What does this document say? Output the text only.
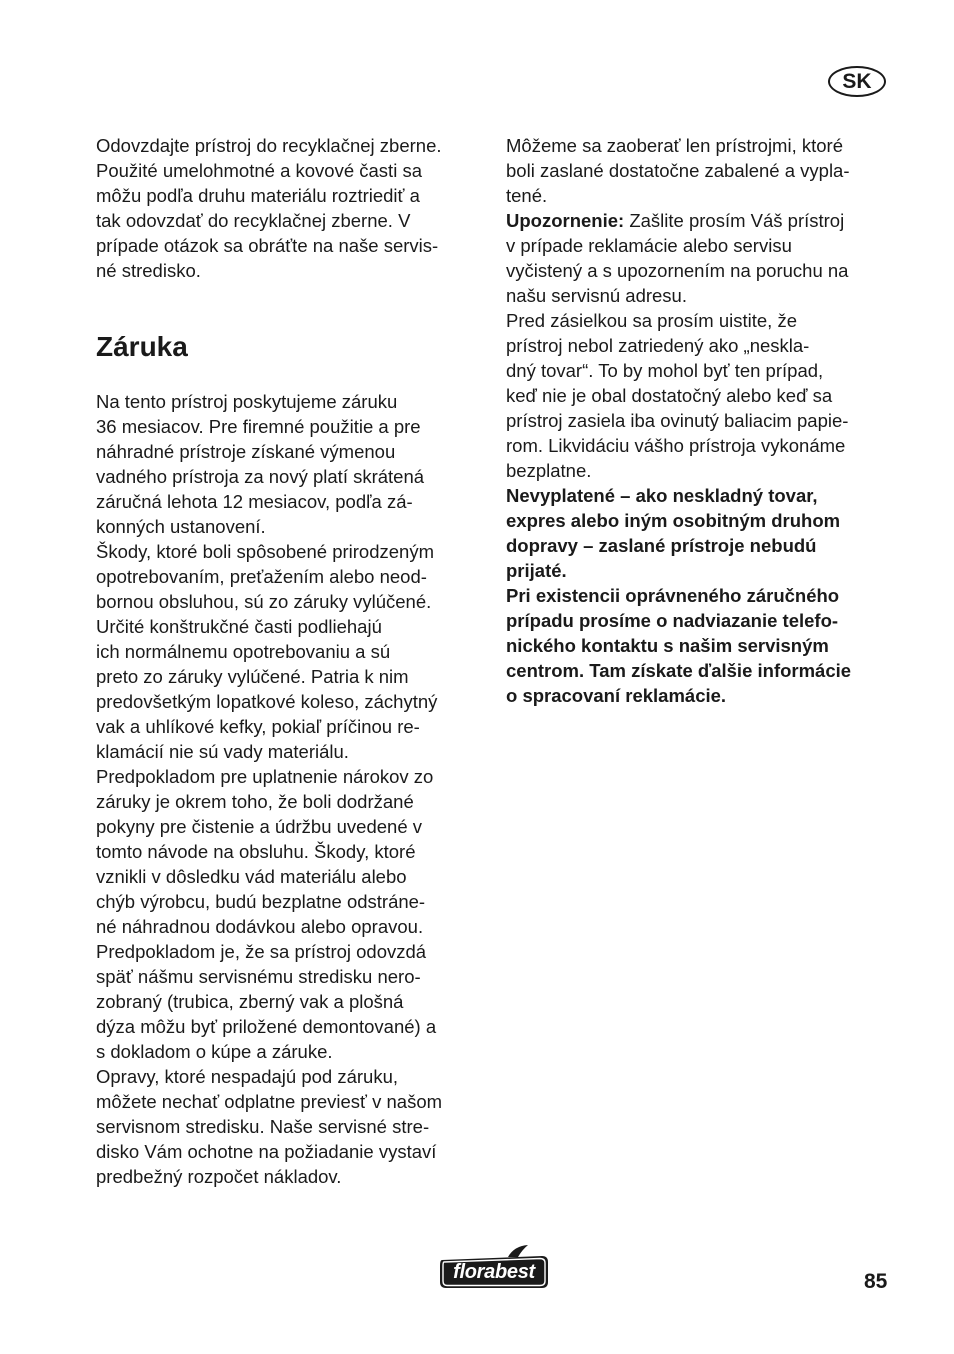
SK

Odovzdajte prístroj do recyklačnej zberne.
Použité umelohmotné a kovové časti sa
môžu podľa druhu materiálu roztriediť a
tak odovzdať do recyklačnej zberne. V
prípade otázok sa obráťte na naše servis-
né stredisko.

Záruka

Na tento prístroj poskytujeme záruku
36 mesiacov. Pre firemné použitie a pre
náhradné prístroje získané výmenou
vadného prístroja za nový platí skrátená
záručná lehota 12 mesiacov, podľa zá-
konných ustanovení.
Škody, ktoré boli spôsobené prirodzeným
opotrebovaním, preťažením alebo neod-
bornou obsluhou, sú zo záruky vylúčené.
Určité konštrukčné časti podliehajú
ich normálnemu opotrebovaniu a sú
preto zo záruky vylúčené. Patria k nim
predovšetkým lopatkové koleso, záchytný
vak a uhlíkové kefky, pokiaľ príčinou re-
klamácií nie sú vady materiálu.
Predpokladom pre uplatnenie nárokov zo
záruky je okrem toho, že boli dodržané
pokyny pre čistenie a údržbu uvedené v
tomto návode na obsluhu. Škody, ktoré
vznikli v dôsledku vád materiálu alebo
chýb výrobcu, budú bezplatne odstráne-
né náhradnou dodávkou alebo opravou.
Predpokladom je, že sa prístroj odovzdá
späť nášmu servisnému stredisku nero-
zobraný (trubica, zberný vak a plošná
dýza môžu byť priložené demontované) a
s dokladom o kúpe a záruke.
Opravy, ktoré nespadajú pod záruku,
môžete nechať odplatne previesť v našom
servisnom stredisku. Naše servisné stre-
disko Vám ochotne na požiadanie vystaví
predbežný rozpočet nákladov.

Môžeme sa zaoberať len prístrojmi, ktoré
boli zaslané dostatočne zabalené a vypla-
tené.

Upozornenie: Zašlite prosím Váš prístroj
v prípade reklamácie alebo servisu
vyčistený a s upozornením na poruchu na
našu servisnú adresu.

Pred zásielkou sa prosím uistite, že
prístroj nebol zatriedený ako „neskla-
dný tovar“. To by mohol byť ten prípad,
keď nie je obal dostatočný alebo keď sa
prístroj zasiela iba ovinutý baliacim papie-
rom. Likvidáciu vášho prístroja vykonáme
bezplatne.

Nevyplatené – ako neskladný tovar,
expres alebo iným osobitným druhom
dopravy – zaslané prístroje nebudú
prijaté.

Pri existencii oprávneného záručného
prípadu prosíme o nadviazanie telefo-
nického kontaktu s našim servisným
centrom. Tam získate ďalšie informácie
o spracovaní reklamácie.

florabest	85
